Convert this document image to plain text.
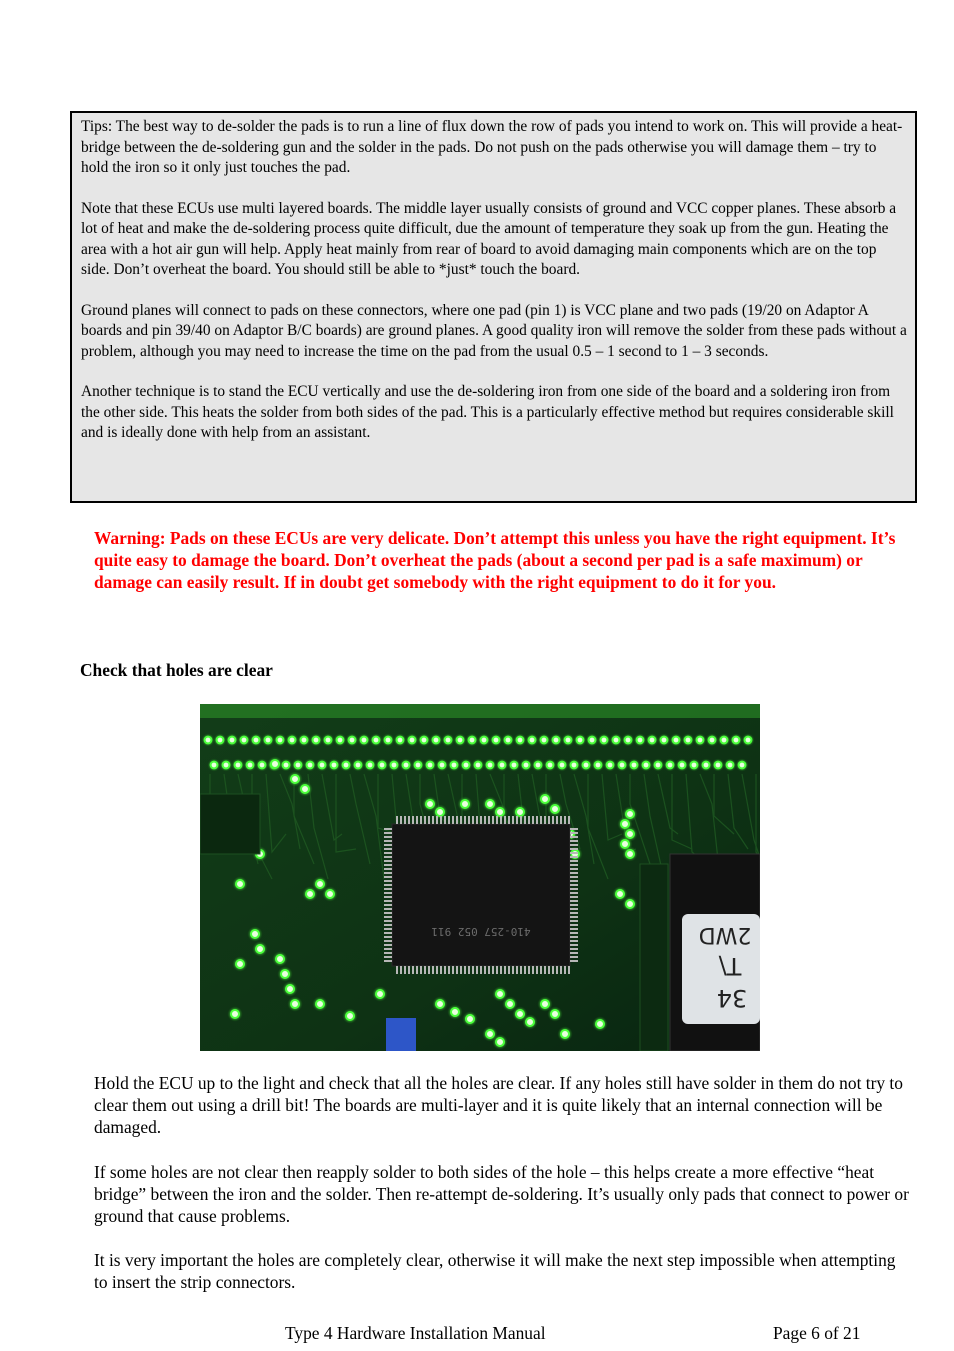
Tips: The best way to de-solder the pads is to run a line of flux down the row of pads you intend to work on. This will provide a heat-bridge between the de-soldering gun and the solder in the pads. Do not push on the pads otherwise you will damage them – try to hold the iron so it only just touches the pad.

Note that these ECUs use multi layered boards. The middle layer usually consists of ground and VCC copper planes. These absorb a lot of heat and make the de-soldering process quite difficult, due the amount of temperature they soak up from the gun. Heating the area with a hot air gun will help. Apply heat mainly from rear of board to avoid damaging main components which are on the top side. Don’t overheat the board. You should still be able to *just* touch the board.

Ground planes will connect to pads on these connectors, where one pad (pin 1) is VCC plane and two pads (19/20 on Adaptor A boards and pin 39/40 on Adaptor B/C boards) are ground planes. A good quality iron will remove the solder from these pads without a problem, although you may need to increase the time on the pad from the usual 0.5 – 1 second to 1 – 3 seconds.

Another technique is to stand the ECU vertically and use the de-soldering iron from one side of the board and a soldering iron from the other side. This heats the solder from both sides of the pad. This is a particularly effective method but requires considerable skill and is ideally done with help from an assistant.

Warning: Pads on these ECUs are very delicate. Don’t attempt this unless you have the right equipment. It’s quite easy to damage the board. Don’t overheat the pads (about a second per pad is a safe maximum) or damage can easily result. If in doubt get somebody with the right equipment to do it for you.

Check that holes are clear

410-257 052 911	2WD
T\
34

Hold the ECU up to the light and check that all the holes are clear. If any holes still have solder in them do not try to clear them out using a drill bit! The boards are multi-layer and it is quite likely that an internal connection will be damaged.

If some holes are not clear then reapply solder to both sides of the hole – this helps create a more effective “heat bridge” between the iron and the solder. Then re-attempt de-soldering. It’s usually only pads that connect to power or ground that cause problems.

It is very important the holes are completely clear, otherwise it will make the next step impossible when attempting to insert the strip connectors.

Type 4 Hardware Installation Manual	Page 6 of 21
